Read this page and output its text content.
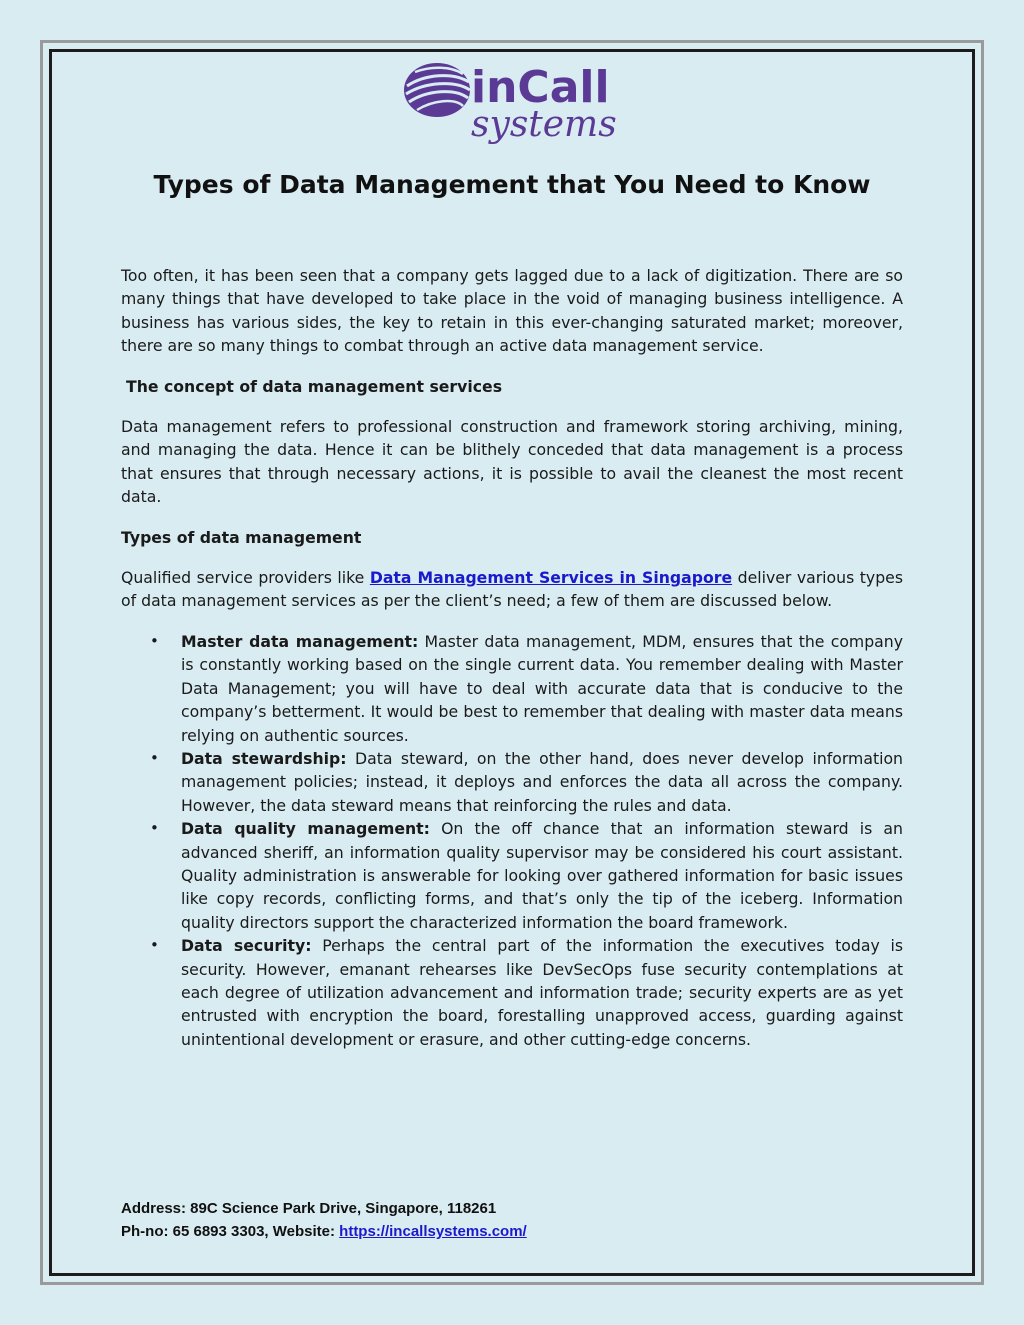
inCall
systems
Types of Data Management that You Need to Know

Too often, it has been seen that a company gets lagged due to a lack of digitization. There are so many things that have developed to take place in the void of managing business intelligence. A business has various sides, the key to retain in this ever-changing saturated market; moreover, there are so many things to combat through an active data management service.

The concept of data management services

Data management refers to professional construction and framework storing archiving, mining, and managing the data. Hence it can be blithely conceded that data management is a process that ensures that through necessary actions, it is possible to avail the cleanest the most recent data.

Types of data management

Qualified service providers like Data Management Services in Singapore deliver various types of data management services as per the client’s need; a few of them are discussed below.

• Master data management: Master data management, MDM, ensures that the company is constantly working based on the single current data. You remember dealing with Master Data Management; you will have to deal with accurate data that is conducive to the company’s betterment. It would be best to remember that dealing with master data means relying on authentic sources.
• Data stewardship: Data steward, on the other hand, does never develop information management policies; instead, it deploys and enforces the data all across the company. However, the data steward means that reinforcing the rules and data.
• Data quality management: On the off chance that an information steward is an advanced sheriff, an information quality supervisor may be considered his court assistant. Quality administration is answerable for looking over gathered information for basic issues like copy records, conflicting forms, and that’s only the tip of the iceberg. Information quality directors support the characterized information the board framework.
• Data security: Perhaps the central part of the information the executives today is security. However, emanant rehearses like DevSecOps fuse security contemplations at each degree of utilization advancement and information trade; security experts are as yet entrusted with encryption the board, forestalling unapproved access, guarding against unintentional development or erasure, and other cutting-edge concerns.
Address: 89C Science Park Drive, Singapore, 118261
Ph-no: 65 6893 3303, Website: https://incallsystems.com/
